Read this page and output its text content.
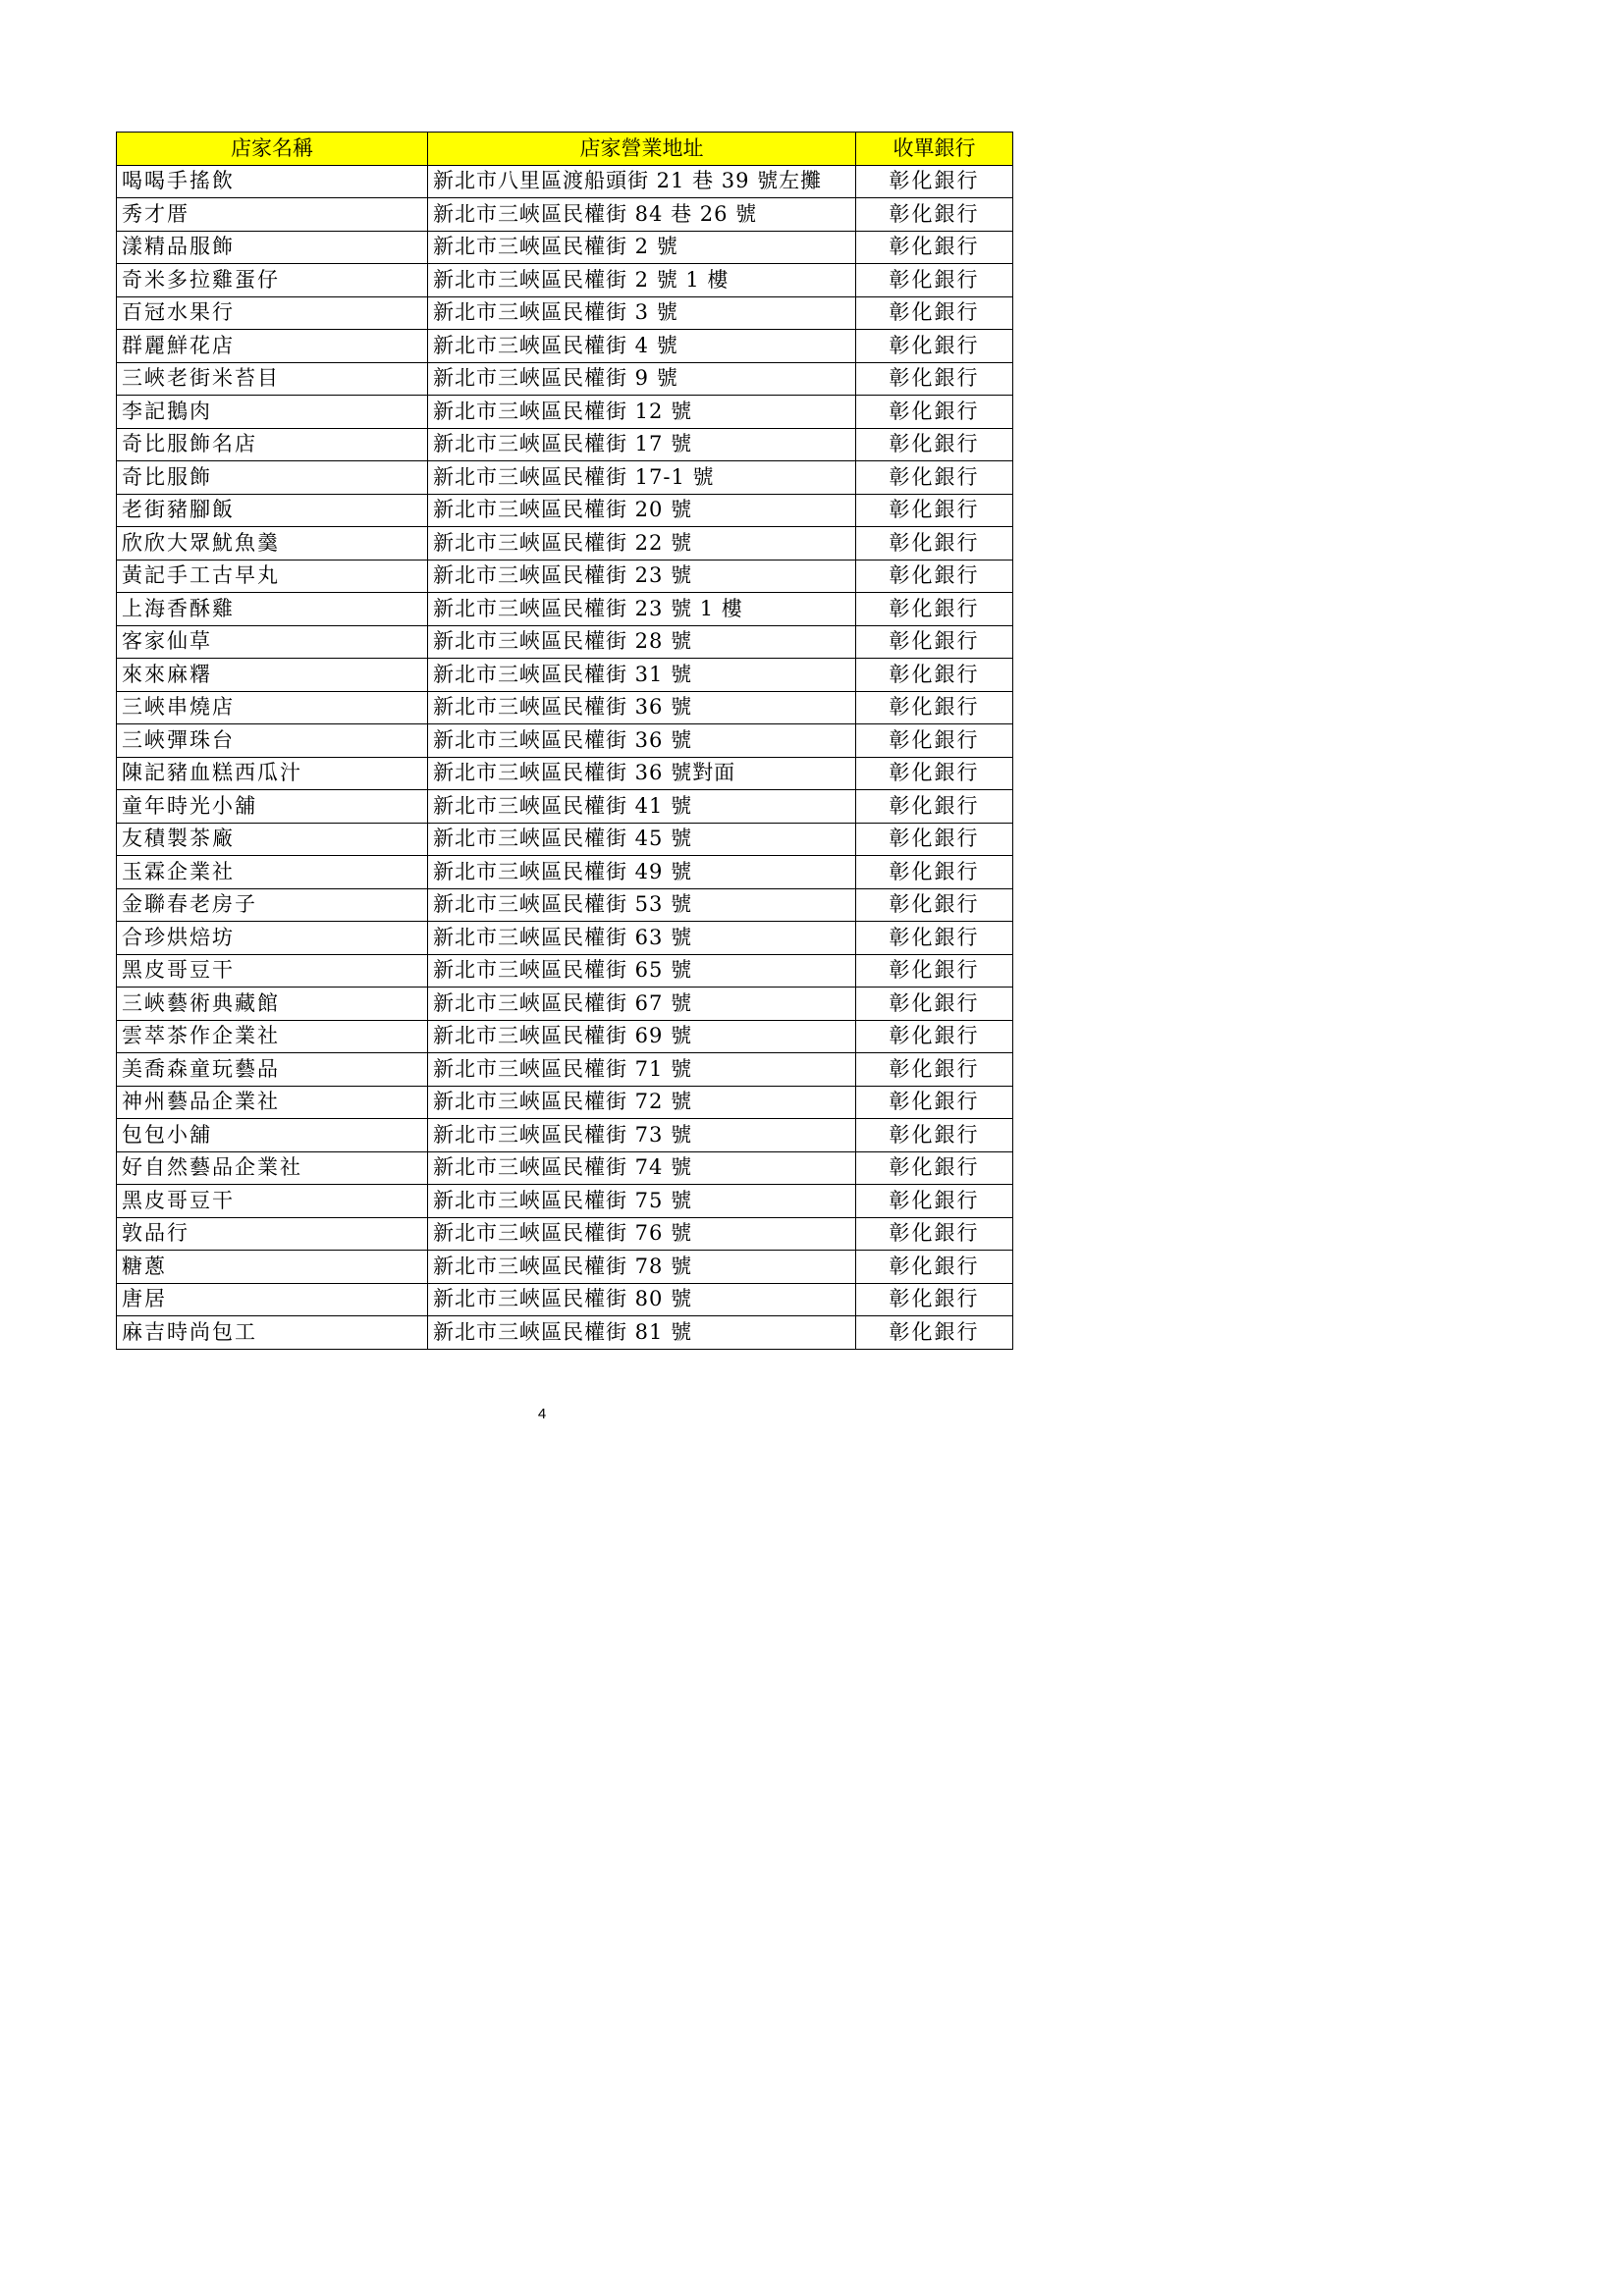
店家名稱	店家營業地址	收單銀行
喝喝手搖飲	新北市八里區渡船頭街 21 巷 39 號左攤	彰化銀行
秀才厝	新北市三峽區民權街 84 巷 26 號	彰化銀行
漾精品服飾	新北市三峽區民權街 2 號	彰化銀行
奇米多拉雞蛋仔	新北市三峽區民權街 2 號 1 樓	彰化銀行
百冠水果行	新北市三峽區民權街 3 號	彰化銀行
群麗鮮花店	新北市三峽區民權街 4 號	彰化銀行
三峽老街米苔目	新北市三峽區民權街 9 號	彰化銀行
李記鵝肉	新北市三峽區民權街 12 號	彰化銀行
奇比服飾名店	新北市三峽區民權街 17 號	彰化銀行
奇比服飾	新北市三峽區民權街 17-1 號	彰化銀行
老街豬腳飯	新北市三峽區民權街 20 號	彰化銀行
欣欣大眾魷魚羹	新北市三峽區民權街 22 號	彰化銀行
黃記手工古早丸	新北市三峽區民權街 23 號	彰化銀行
上海香酥雞	新北市三峽區民權街 23 號 1 樓	彰化銀行
客家仙草	新北市三峽區民權街 28 號	彰化銀行
來來麻糬	新北市三峽區民權街 31 號	彰化銀行
三峽串燒店	新北市三峽區民權街 36 號	彰化銀行
三峽彈珠台	新北市三峽區民權街 36 號	彰化銀行
陳記豬血糕西瓜汁	新北市三峽區民權街 36 號對面	彰化銀行
童年時光小舖	新北市三峽區民權街 41 號	彰化銀行
友積製茶廠	新北市三峽區民權街 45 號	彰化銀行
玉霖企業社	新北市三峽區民權街 49 號	彰化銀行
金聯春老房子	新北市三峽區民權街 53 號	彰化銀行
合珍烘焙坊	新北市三峽區民權街 63 號	彰化銀行
黑皮哥豆干	新北市三峽區民權街 65 號	彰化銀行
三峽藝術典藏館	新北市三峽區民權街 67 號	彰化銀行
雲萃茶作企業社	新北市三峽區民權街 69 號	彰化銀行
美喬森童玩藝品	新北市三峽區民權街 71 號	彰化銀行
神州藝品企業社	新北市三峽區民權街 72 號	彰化銀行
包包小舖	新北市三峽區民權街 73 號	彰化銀行
好自然藝品企業社	新北市三峽區民權街 74 號	彰化銀行
黑皮哥豆干	新北市三峽區民權街 75 號	彰化銀行
敦品行	新北市三峽區民權街 76 號	彰化銀行
糖蔥	新北市三峽區民權街 78 號	彰化銀行
唐居	新北市三峽區民權街 80 號	彰化銀行
麻吉時尚包工	新北市三峽區民權街 81 號	彰化銀行
4
